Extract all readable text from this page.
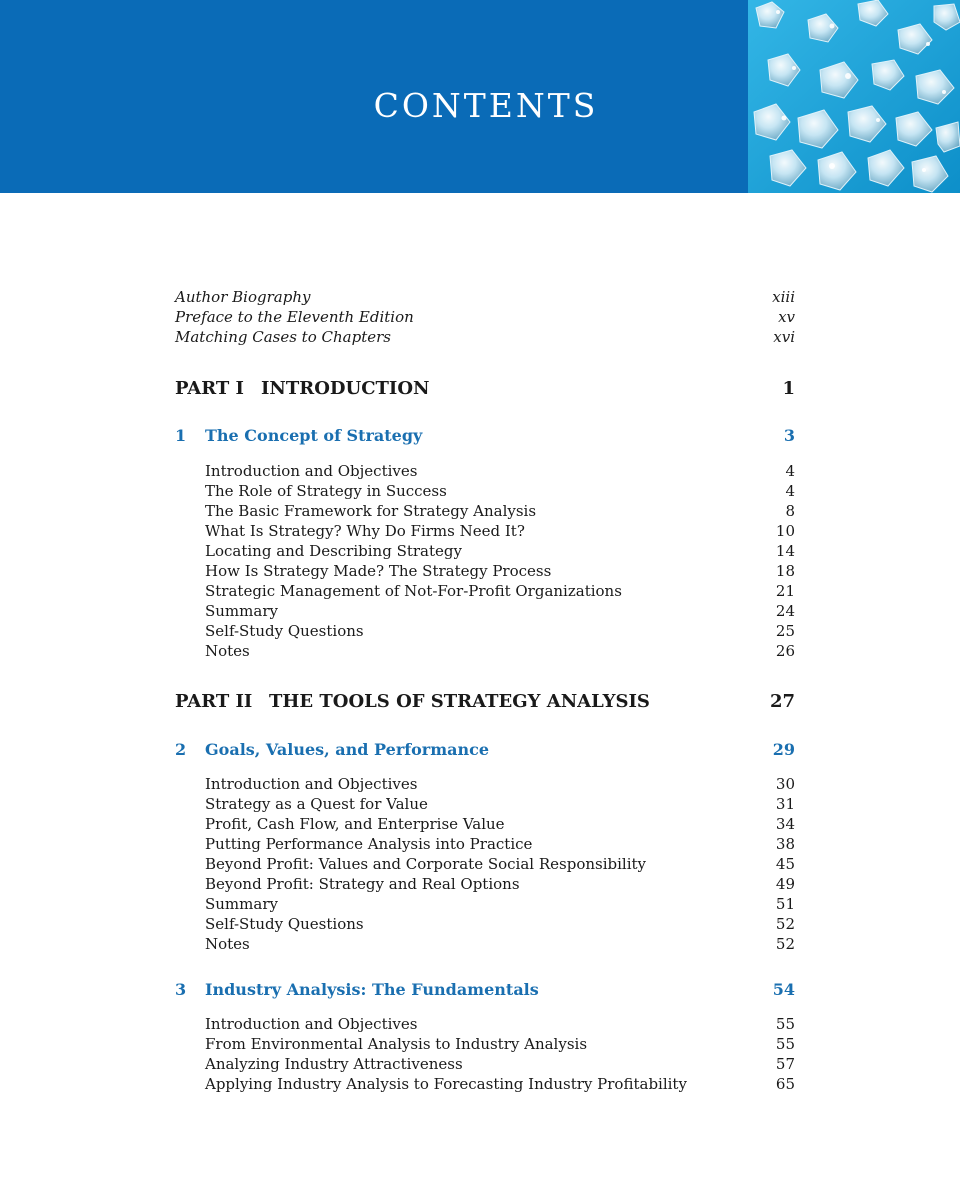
CONTENTS
Author Biography	xiii
Preface to the Eleventh Edition	xv
Matching Cases to Chapters	xvi
PART I INTRODUCTION	1
1 The Concept of Strategy	3
Introduction and Objectives	4
The Role of Strategy in Success	4
The Basic Framework for Strategy Analysis	8
What Is Strategy? Why Do Firms Need It?	10
Locating and Describing Strategy	14
How Is Strategy Made? The Strategy Process	18
Strategic Management of Not-For-Profit Organizations	21
Summary	24
Self-Study Questions	25
Notes	26
PART II THE TOOLS OF STRATEGY ANALYSIS	27
2 Goals, Values, and Performance	29
Introduction and Objectives	30
Strategy as a Quest for Value	31
Profit, Cash Flow, and Enterprise Value	34
Putting Performance Analysis into Practice	38
Beyond Profit: Values and Corporate Social Responsibility	45
Beyond Profit: Strategy and Real Options	49
Summary	51
Self-Study Questions	52
Notes	52
3 Industry Analysis: The Fundamentals	54
Introduction and Objectives	55
From Environmental Analysis to Industry Analysis	55
Analyzing Industry Attractiveness	57
Applying Industry Analysis to Forecasting Industry Profitability	65
